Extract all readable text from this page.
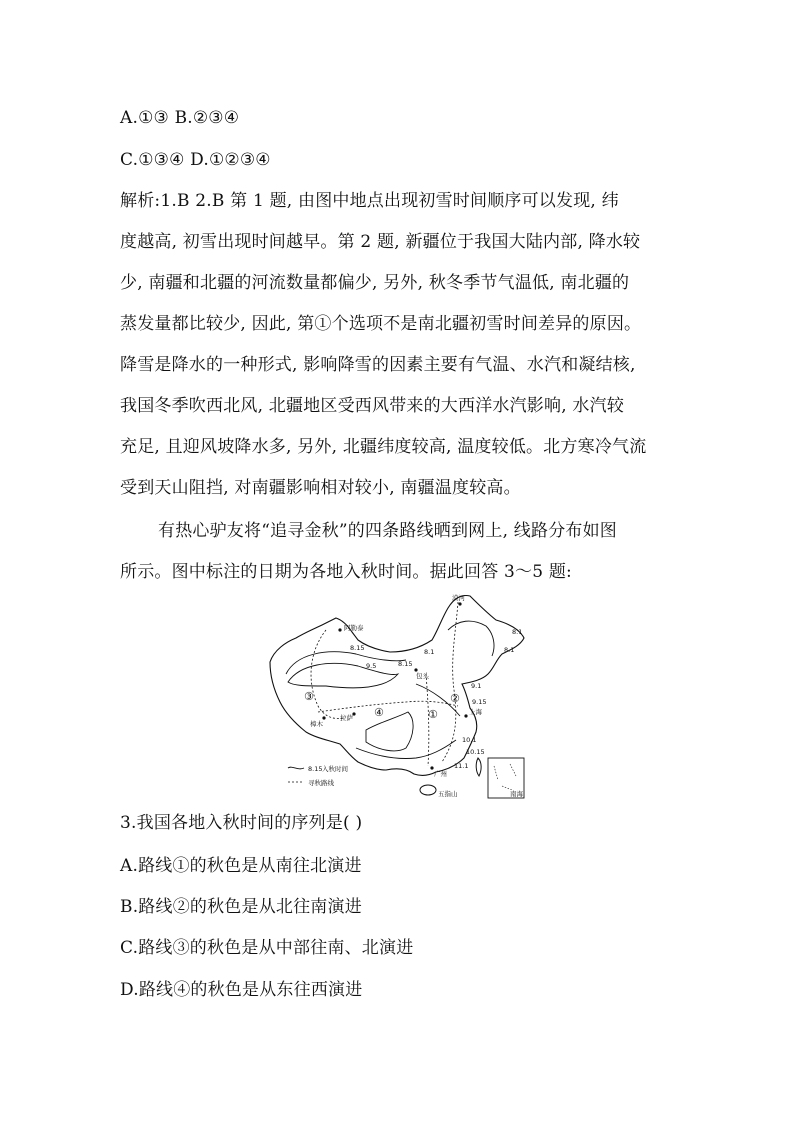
A.①③ B.②③④
C.①③④ D.①②③④
解析:1.B 2.B 第 1 题, 由图中地点出现初雪时间顺序可以发现, 纬
度越高, 初雪出现时间越早。第 2 题, 新疆位于我国大陆内部, 降水较
少, 南疆和北疆的河流数量都偏少, 另外, 秋冬季节气温低, 南北疆的
蒸发量都比较少, 因此, 第①个选项不是南北疆初雪时间差异的原因。
降雪是降水的一种形式, 影响降雪的因素主要有气温、水汽和凝结核,
我国冬季吹西北风, 北疆地区受西风带来的大西洋水汽影响, 水汽较
充足, 且迎风坡降水多, 另外, 北疆纬度较高, 温度较低。北方寒冷气流
受到天山阻挡, 对南疆影响相对较小, 南疆温度较高。
有热心驴友将“追寻金秋”的四条路线晒到网上, 线路分布如图
所示。图中标注的日期为各地入秋时间。据此回答 3～5 题:
漠河
阿勒泰
拉萨
樟木
上海
广州
五指山
包头
8.15
8.15
9.5
8.1
8.1
8.1
9.1
9.15
10.1
10.15
11.1
①
②
③
④
8.15 入秋时间
寻秋路线
南海
3.我国各地入秋时间的序列是( )
A.路线①的秋色是从南往北演进
B.路线②的秋色是从北往南演进
C.路线③的秋色是从中部往南、北演进
D.路线④的秋色是从东往西演进
